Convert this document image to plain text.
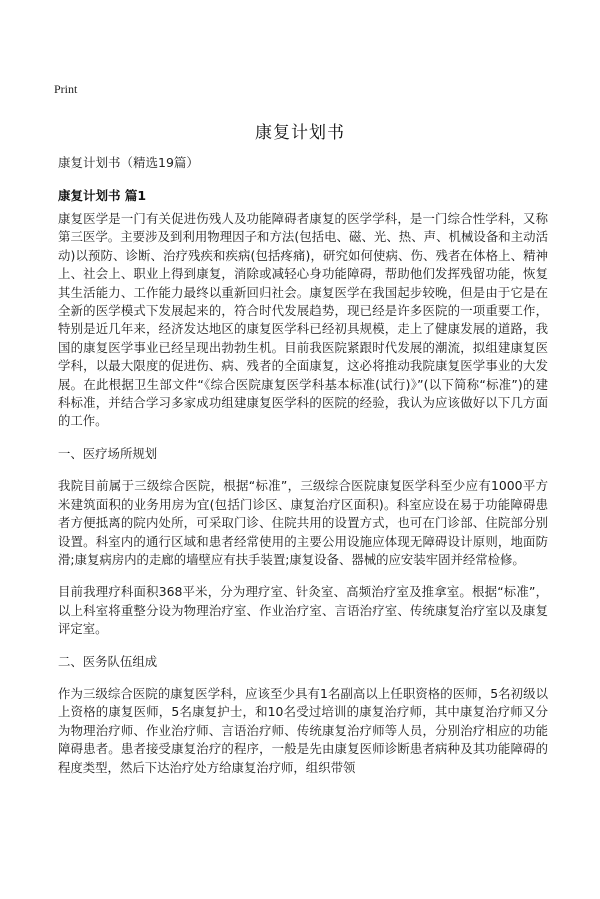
Print
康复计划书
康复计划书（精选19篇）
康复计划书 篇1

康复医学是一门有关促进伤残人及功能障碍者康复的医学学科，是一门综合性学科，又称第三医学。主要涉及到利用物理因子和方法(包括电、磁、光、热、声、机械设备和主动活动)以预防、诊断、治疗残疾和疾病(包括疼痛)，研究如何使病、伤、残者在体格上、精神上、社会上、职业上得到康复，消除或减轻心身功能障碍，帮助他们发挥残留功能，恢复其生活能力、工作能力最终以重新回归社会。康复医学在我国起步较晚，但是由于它是在全新的医学模式下发展起来的，符合时代发展趋势，现已经是许多医院的一项重要工作，特别是近几年来，经济发达地区的康复医学科已经初具规模，走上了健康发展的道路，我国的康复医学事业已经呈现出勃勃生机。目前我医院紧跟时代发展的潮流，拟组建康复医学科，以最大限度的促进伤、病、残者的全面康复，这必将推动我院康复医学事业的大发展。在此根据卫生部文件“《综合医院康复医学科基本标准(试行)》”(以下简称“标准”)的建科标准，并结合学习多家成功组建康复医学科的医院的经验，我认为应该做好以下几方面的工作。

一、医疗场所规划

我院目前属于三级综合医院，根据“标准”，三级综合医院康复医学科至少应有1000平方米建筑面积的业务用房为宜(包括门诊区、康复治疗区面积)。科室应设在易于功能障碍患者方便抵离的院内处所，可采取门诊、住院共用的设置方式，也可在门诊部、住院部分别设置。科室内的通行区域和患者经常使用的主要公用设施应体现无障碍设计原则，地面防滑;康复病房内的走廊的墙壁应有扶手装置;康复设备、器械的应安装牢固并经常检修。

目前我理疗科面积368平米，分为理疗室、针灸室、高频治疗室及推拿室。根据“标准”，以上科室将重整分设为物理治疗室、作业治疗室、言语治疗室、传统康复治疗室以及康复评定室。

二、医务队伍组成

作为三级综合医院的康复医学科，应该至少具有1名副高以上任职资格的医师，5名初级以上资格的康复医师，5名康复护士，和10名受过培训的康复治疗师，其中康复治疗师又分为物理治疗师、作业治疗师、言语治疗师、传统康复治疗师等人员，分别治疗相应的功能障碍患者。患者接受康复治疗的程序，一般是先由康复医师诊断患者病种及其功能障碍的程度类型，然后下达治疗处方给康复治疗师，组织带领
